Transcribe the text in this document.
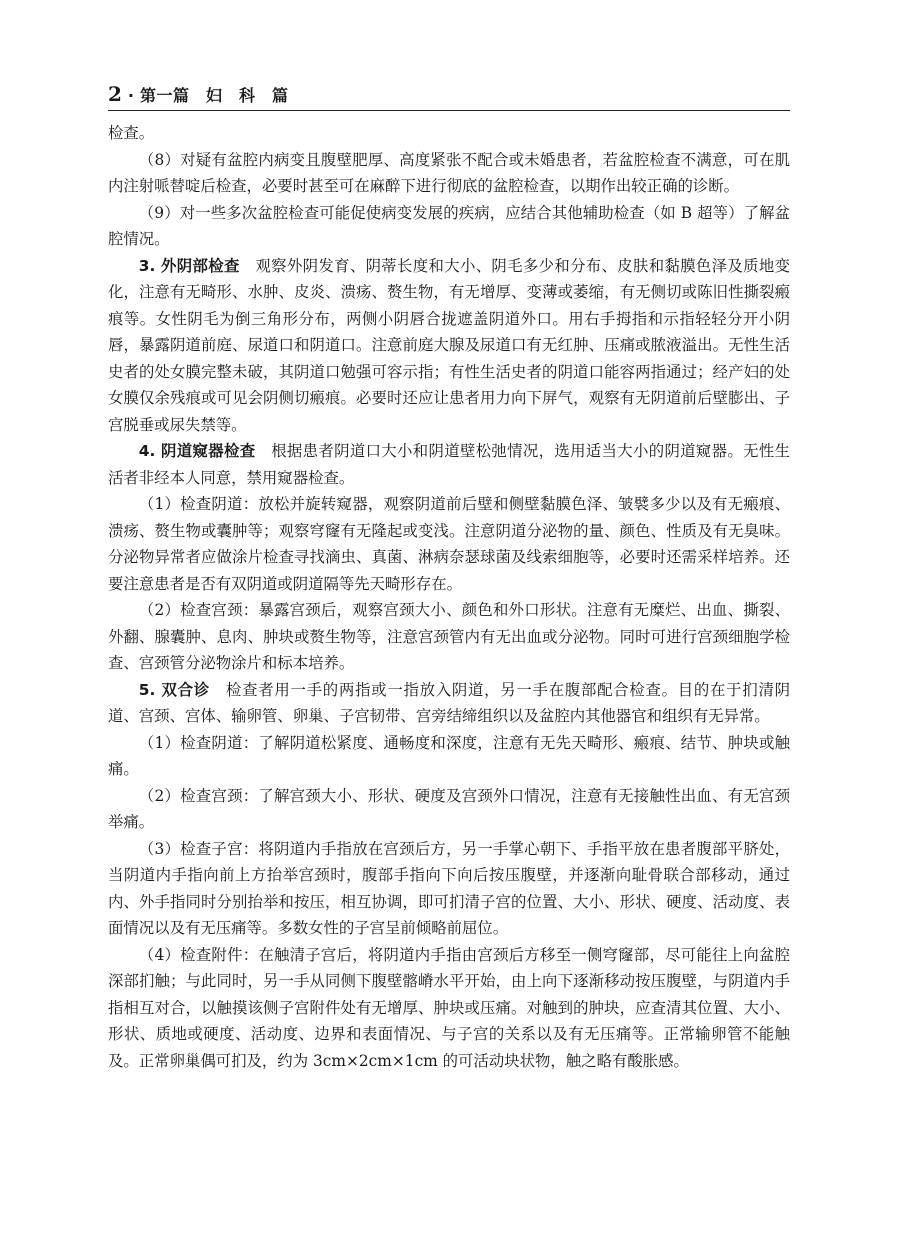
2 · 第一篇　妇　科　篇

检查。

（8）对疑有盆腔内病变且腹壁肥厚、高度紧张不配合或未婚患者，若盆腔检查不满意，可在肌内注射哌替啶后检查，必要时甚至可在麻醉下进行彻底的盆腔检查，以期作出较正确的诊断。

（9）对一些多次盆腔检查可能促使病变发展的疾病，应结合其他辅助检查（如 B 超等）了解盆腔情况。

3. 外阴部检查　 观察外阴发育、阴蒂长度和大小、阴毛多少和分布、皮肤和黏膜色泽及质地变化，注意有无畸形、水肿、皮炎、溃疡、赘生物，有无增厚、变薄或萎缩，有无侧切或陈旧性撕裂瘢痕等。女性阴毛为倒三角形分布，两侧小阴唇合拢遮盖阴道外口。用右手拇指和示指轻轻分开小阴唇，暴露阴道前庭、尿道口和阴道口。注意前庭大腺及尿道口有无红肿、压痛或脓液溢出。无性生活史者的处女膜完整未破，其阴道口勉强可容示指；有性生活史者的阴道口能容两指通过；经产妇的处女膜仅余残痕或可见会阴侧切瘢痕。必要时还应让患者用力向下屏气，观察有无阴道前后壁膨出、子宫脱垂或尿失禁等。

4. 阴道窥器检查　 根据患者阴道口大小和阴道壁松弛情况，选用适当大小的阴道窥器。无性生活者非经本人同意，禁用窥器检查。

（1）检查阴道：放松并旋转窥器，观察阴道前后壁和侧壁黏膜色泽、皱襞多少以及有无瘢痕、溃疡、赘生物或囊肿等；观察穹窿有无隆起或变浅。注意阴道分泌物的量、颜色、性质及有无臭味。分泌物异常者应做涂片检查寻找滴虫、真菌、淋病奈瑟球菌及线索细胞等，必要时还需采样培养。还要注意患者是否有双阴道或阴道隔等先天畸形存在。

（2）检查宫颈：暴露宫颈后，观察宫颈大小、颜色和外口形状。注意有无糜烂、出血、撕裂、外翻、腺囊肿、息肉、肿块或赘生物等，注意宫颈管内有无出血或分泌物。同时可进行宫颈细胞学检查、宫颈管分泌物涂片和标本培养。

5. 双合诊　 检查者用一手的两指或一指放入阴道，另一手在腹部配合检查。目的在于扪清阴道、宫颈、宫体、输卵管、卵巢、子宫韧带、宫旁结缔组织以及盆腔内其他器官和组织有无异常。

（1）检查阴道：了解阴道松紧度、通畅度和深度，注意有无先天畸形、瘢痕、结节、肿块或触痛。

（2）检查宫颈：了解宫颈大小、形状、硬度及宫颈外口情况，注意有无接触性出血、有无宫颈举痛。

（3）检查子宫：将阴道内手指放在宫颈后方，另一手掌心朝下、手指平放在患者腹部平脐处，当阴道内手指向前上方抬举宫颈时，腹部手指向下向后按压腹壁，并逐渐向耻骨联合部移动，通过内、外手指同时分别抬举和按压，相互协调，即可扪清子宫的位置、大小、形状、硬度、活动度、表面情况以及有无压痛等。多数女性的子宫呈前倾略前屈位。

（4）检查附件：在触清子宫后，将阴道内手指由宫颈后方移至一侧穹窿部，尽可能往上向盆腔深部扪触；与此同时，另一手从同侧下腹壁髂嵴水平开始，由上向下逐渐移动按压腹壁，与阴道内手指相互对合，以触摸该侧子宫附件处有无增厚、肿块或压痛。对触到的肿块，应查清其位置、大小、形状、质地或硬度、活动度、边界和表面情况、与子宫的关系以及有无压痛等。正常输卵管不能触及。正常卵巢偶可扪及，约为 3cm×2cm×1cm 的可活动块状物，触之略有酸胀感。
